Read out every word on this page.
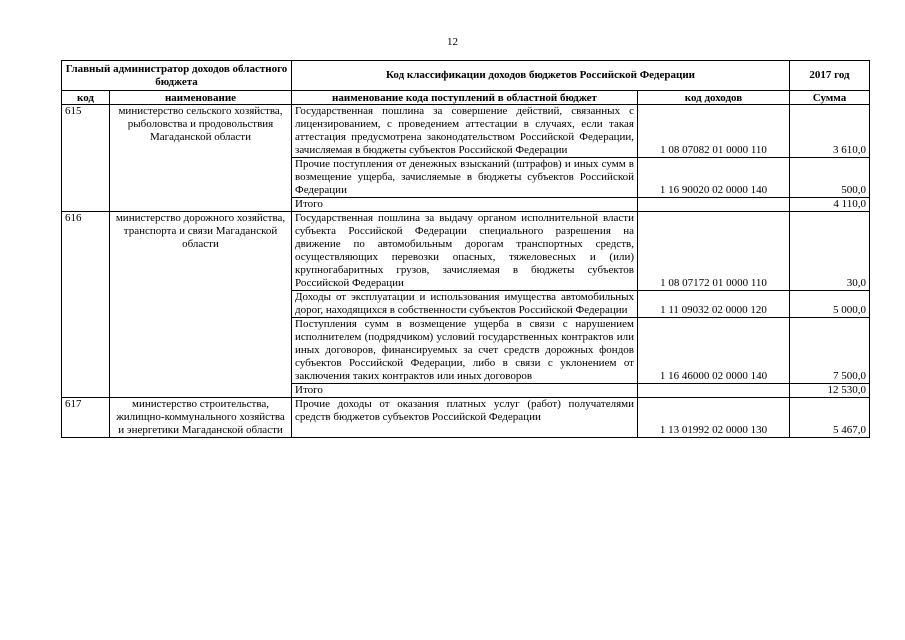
12
Главный администратор доходов областного бюджета		Код классификации доходов бюджетов Российской Федерации		2017 год
код	наименование	наименование кода поступлений в областной бюджет	код доходов	Сумма
615	министерство сельского хозяйства, рыболовства и продовольствия Магаданской области	Государственная пошлина за совершение действий, связанных с лицензированием, с проведением аттестации в случаях, если такая аттестация предусмотрена законодательством Российской Федерации, зачисляемая в бюджеты субъектов Российской Федерации	1 08 07082 01 0000 110	3 610,0
		Прочие поступления от денежных взысканий (штрафов) и иных сумм в возмещение ущерба, зачисляемые в бюджеты субъектов Российской Федерации	1 16 90020 02 0000 140	500,0
		Итого		4 110,0
616	министерство дорожного хозяйства, транспорта и связи Магаданской области	Государственная пошлина за выдачу органом исполнительной власти субъекта Российской Федерации специального разрешения на движение по автомобильным дорогам транспортных средств, осуществляющих перевозки опасных, тяжеловесных и (или) крупногабаритных грузов, зачисляемая в бюджеты субъектов Российской Федерации	1 08 07172 01 0000 110	30,0
		Доходы от эксплуатации и использования имущества автомобильных дорог, находящихся в собственности субъектов Российской Федерации	1 11 09032 02 0000 120	5 000,0
		Поступления сумм в возмещение ущерба в связи с нарушением исполнителем (подрядчиком) условий государственных контрактов или иных договоров, финансируемых за счет средств дорожных фондов субъектов Российской Федерации, либо в связи с уклонением от заключения таких контрактов или иных договоров	1 16 46000 02 0000 140	7 500,0
		Итого		12 530,0
617	министерство строительства, жилищно-коммунального хозяйства и энергетики Магаданской области	Прочие доходы от оказания платных услуг (работ) получателями средств бюджетов субъектов Российской Федерации	1 13 01992 02 0000 130	5 467,0
